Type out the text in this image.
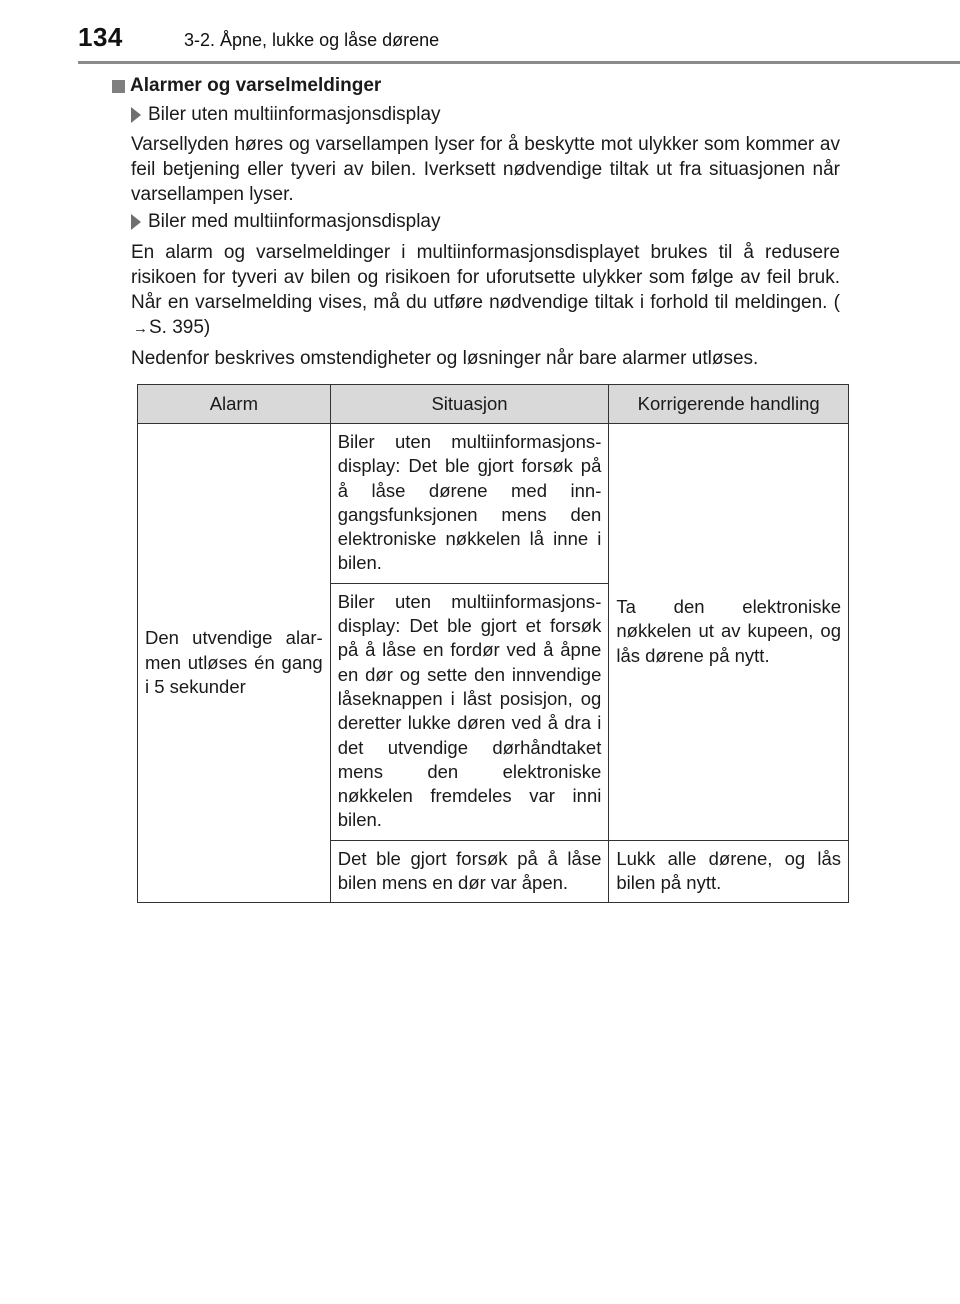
134	3-2. Åpne, lukke og låse dørene
Alarmer og varselmeldinger
Biler uten multiinformasjonsdisplay
Varsellyden høres og varsellampen lyser for å beskytte mot ulykker som kommer av feil betjening eller tyveri av bilen. Iverksett nødvendige tiltak ut fra situasjonen når varsellampen lyser.
Biler med multiinformasjonsdisplay
En alarm og varselmeldinger i multiinformasjonsdisplayet brukes til å redusere risikoen for tyveri av bilen og risikoen for uforutsette ulykker som følge av feil bruk. Når en varselmelding vises, må du utføre nødvendige tiltak i forhold til meldingen. (→S. 395)
Nedenfor beskrives omstendigheter og løsninger når bare alarmer utløses.
Alarm	Situasjon	Korrigerende handling
Den utvendige alarmen utløses én gang i 5 sekunder	Biler uten multiinformasjonsdisplay: Det ble gjort forsøk på å låse dørene med inngangsfunksjonen mens den elektroniske nøkkelen lå inne i bilen.	Ta den elektroniske nøkkelen ut av kupeen, og lås dørene på nytt.
	Biler uten multiinformasjonsdisplay: Det ble gjort et forsøk på å låse en fordør ved å åpne en dør og sette den innvendige låseknappen i låst posisjon, og deretter lukke døren ved å dra i det utvendige dørhåndtaket mens den elektroniske nøkkelen fremdeles var inni bilen.	
	Det ble gjort forsøk på å låse bilen mens en dør var åpen.	Lukk alle dørene, og lås bilen på nytt.
